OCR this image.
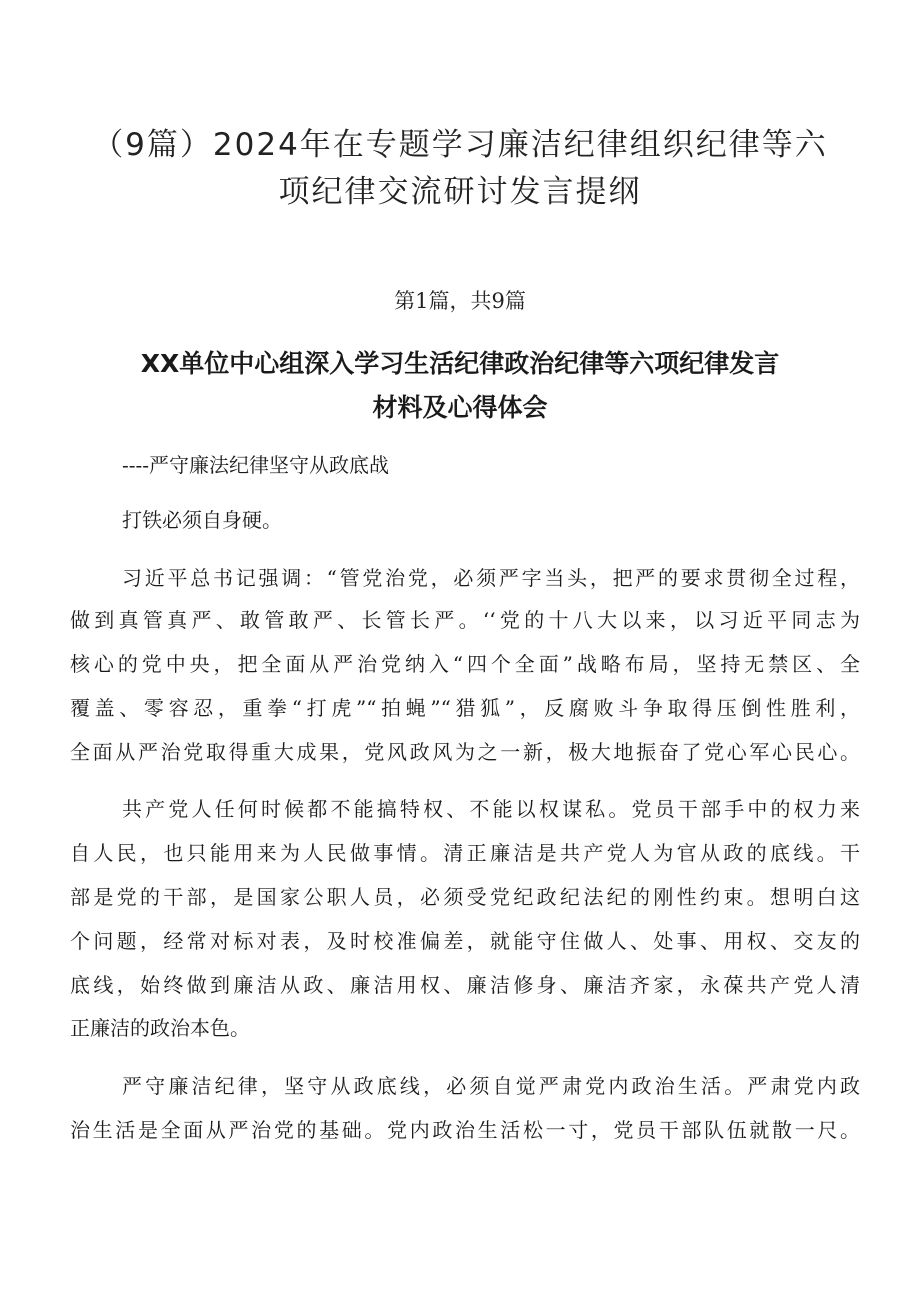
（9篇）2024年在专题学习廉洁纪律组织纪律等六
项纪律交流研讨发言提纲
第1篇，共9篇
XX单位中心组深入学习生活纪律政治纪律等六项纪律发言
材料及心得体会
----严守廉法纪律坚守从政底战
打铁必须自身硬。
习近平总书记强调：“管党治党，必须严字当头，把严的要求贯彻全过程，
做到真管真严、敢管敢严、长管长严。‘‘党的十八大以来，以习近平同志为
核心的党中央，把全面从严治党纳入“四个全面”战略布局，坚持无禁区、全
覆盖、零容忍，重拳“打虎”“拍蝇”“猎狐”，反腐败斗争取得压倒性胜利，
全面从严治党取得重大成果，党风政风为之一新，极大地振奋了党心军心民心。
共产党人任何时候都不能搞特权、不能以权谋私。党员干部手中的权力来
自人民，也只能用来为人民做事情。清正廉洁是共产党人为官从政的底线。干
部是党的干部，是国家公职人员，必须受党纪政纪法纪的刚性约束。想明白这
个问题，经常对标对表，及时校准偏差，就能守住做人、处事、用权、交友的
底线，始终做到廉洁从政、廉洁用权、廉洁修身、廉洁齐家，永葆共产党人清
正廉洁的政治本色。
严守廉洁纪律，坚守从政底线，必须自觉严肃党内政治生活。严肃党内政
治生活是全面从严治党的基础。党内政治生活松一寸，党员干部队伍就散一尺。
